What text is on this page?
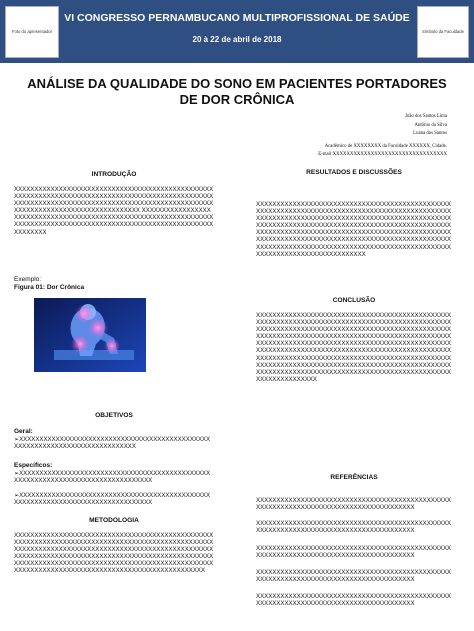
Foto do apresentador
VI CONGRESSO PERNAMBUCANO MULTIPROFISSIONAL DE SAÚDE
20 à 22 de abril de 2018
Símbolo da Faculdade
ANÁLISE DA QUALIDADE DO SONO EM PACIENTES PORTADORES DE DOR CRÔNICA
João dos Santos Lima
Antônio da Silva
Luana dos Santos
Acadêmico de XXXXXXXX da Faculdade XXXXXX, Cidade.
E-mail:XXXXXXXXXXXXXXXXXXXXXXXXXXXXXXXXX
INTRODUÇÃO

XXXXXXXXXXXXXXXXXXXXXXXXXXXXXXXXXXXXXXXXXXXXXXXXXXXXXXXXXXXXXXXXXXXXXXXXXXXXXXXXXXXXXXXXXXXXXXXXXXXXXXXXXXXXXXXXXXXXXXXXXXXXXXXXXXXXXXXXXXXXXXXXXXXXXXXXXXXXXXXXXXXXXXXXXXXXXXXXXX XXXXXXXXXXXXXXXXXXXXXXXXXXXXXXXXXXXXXXXXXXXXXXXXXXXXXXXXXXXXXXXXXXXXXXXXXXXXXXXXXXXXXXXXXXXXXXXXXXXXXXXXXXXXXXXXXXXXXXXXXXX

Exemplo:
Figura 01: Dor Crônica
OBJETIVOS
Geral:

➢XXXXXXXXXXXXXXXXXXXXXXXXXXXXXXXXXXXXXXXXXXXXXXXXXXXXXXXXXXXXXXXXXXXXXXXXXXXXX

Específicos:

➢XXXXXXXXXXXXXXXXXXXXXXXXXXXXXXXXXXXXXXXXXXXXXXXXXXXXXXXXXXXXXXXXXXXXXXXXXXXXXXXXX

➢XXXXXXXXXXXXXXXXXXXXXXXXXXXXXXXXXXXXXXXXXXXXXXXXXXXXXXXXXXXXXXXXXXXXXXXXXXXXXXXXX

METODOLOGIA

XXXXXXXXXXXXXXXXXXXXXXXXXXXXXXXXXXXXXXXXXXXXXXXXXXXXXXXXXXXXXXXXXXXXXXXXXXXXXXXXXXXXXXXXXXXXXXXXXXXXXXXXXXXXXXXXXXXXXXXXXXXXXXXXXXXXXXXXXXXXXXXXXXXXXXXXXXXXXXXXXXXXXXXXXXXXXXXXXXXXXXXXXXXXXXXXXXXXXXXXXXXXXXXXXXXXXXXXXXXXXXXXXXXXXXXXXXXXXXXXXXXXXXXXXXXXXXXXXXXXXXXXXXXXXXXXXXXXXXXXXXXXXXXXXXXX

RESULTADOS E DISCUSSÕES

XXXXXXXXXXXXXXXXXXXXXXXXXXXXXXXXXXXXXXXXXXXXXXXXXXXXXXXXXXXXXXXXXXXXXXXXXXXXXXXXXXXXXXXXXXXXXXXXXXXXXXXXXXXXXXXXXXXXXXXXXXXXXXXXXXXXXXXXXXXXXXXXXXXXXXXXXXXXXXXXXXXXXXXXXXXXXXXXXXXXXXXXXXXXXXXXXXXXXXXXXXXXXXXXXXXXXXXXXXXXXXXXXXXXXXXXXXXXXXXXXXXXXXXXXXXXXXXXXXXXXXXXXXXXXXXXXXXXXXXXXXXXXXXXXXXXXXXXXXXXXXXXXXXXXXXXXXXXXXXXXXXXXXXXXXXXXXXXXXXXXXXXXXXXXXXXXXXXXXXXXXX

CONCLUSÃO

XXXXXXXXXXXXXXXXXXXXXXXXXXXXXXXXXXXXXXXXXXXXXXXXXXXXXXXXXXXXXXXXXXXXXXXXXXXXXXXXXXXXXXXXXXXXXXXXXXXXXXXXXXXXXXXXXXXXXXXXXXXXXXXXXXXXXXXXXXXXXXXXXXXXXXXXXXXXXXXXXXXXXXXXXXXXXXXXXXXXXXXXXXXXXXXXXXXXXXXXXXXXXXXXXXXXXXXXXXXXXXXXXXXXXXXXXXXXXXXXXXXXXXXXXXXXXXXXXXXXXXXXXXXXXXXXXXXXXXXXXXXXXXXXXXXXXXXXXXXXXXXXXXXXXXXXXXXXXXXXXXXXXXXXXXXXXXXXXXXXXXXXXXXXXXXXXXXXXXXXXXXXXXXXXXXXXXXXXXXXXXXXXXXXXXXXXXXXXXXXXXXXXXXXXXXXXXXXXXXXXXXXXXXXXXXXXXXXXXXXXXXXXXX

REFERÊNCIAS

XXXXXXXXXXXXXXXXXXXXXXXXXXXXXXXXXXXXXXXXXXXXXXXXXXXXXXXXXXXXXXXXXXXXXXXXXXXXXXXXXXXXXXX

XXXXXXXXXXXXXXXXXXXXXXXXXXXXXXXXXXXXXXXXXXXXXXXXXXXXXXXXXXXXXXXXXXXXXXXXXXXXXXXXXXXXXXX

XXXXXXXXXXXXXXXXXXXXXXXXXXXXXXXXXXXXXXXXXXXXXXXXXXXXXXXXXXXXXXXXXXXXXXXXXXXXXXXXXXXXXXX

XXXXXXXXXXXXXXXXXXXXXXXXXXXXXXXXXXXXXXXXXXXXXXXXXXXXXXXXXXXXXXXXXXXXXXXXXXXXXXXXXXXXXXX

XXXXXXXXXXXXXXXXXXXXXXXXXXXXXXXXXXXXXXXXXXXXXXXXXXXXXXXXXXXXXXXXXXXXXXXXXXXXXXXXXXXXXXX
